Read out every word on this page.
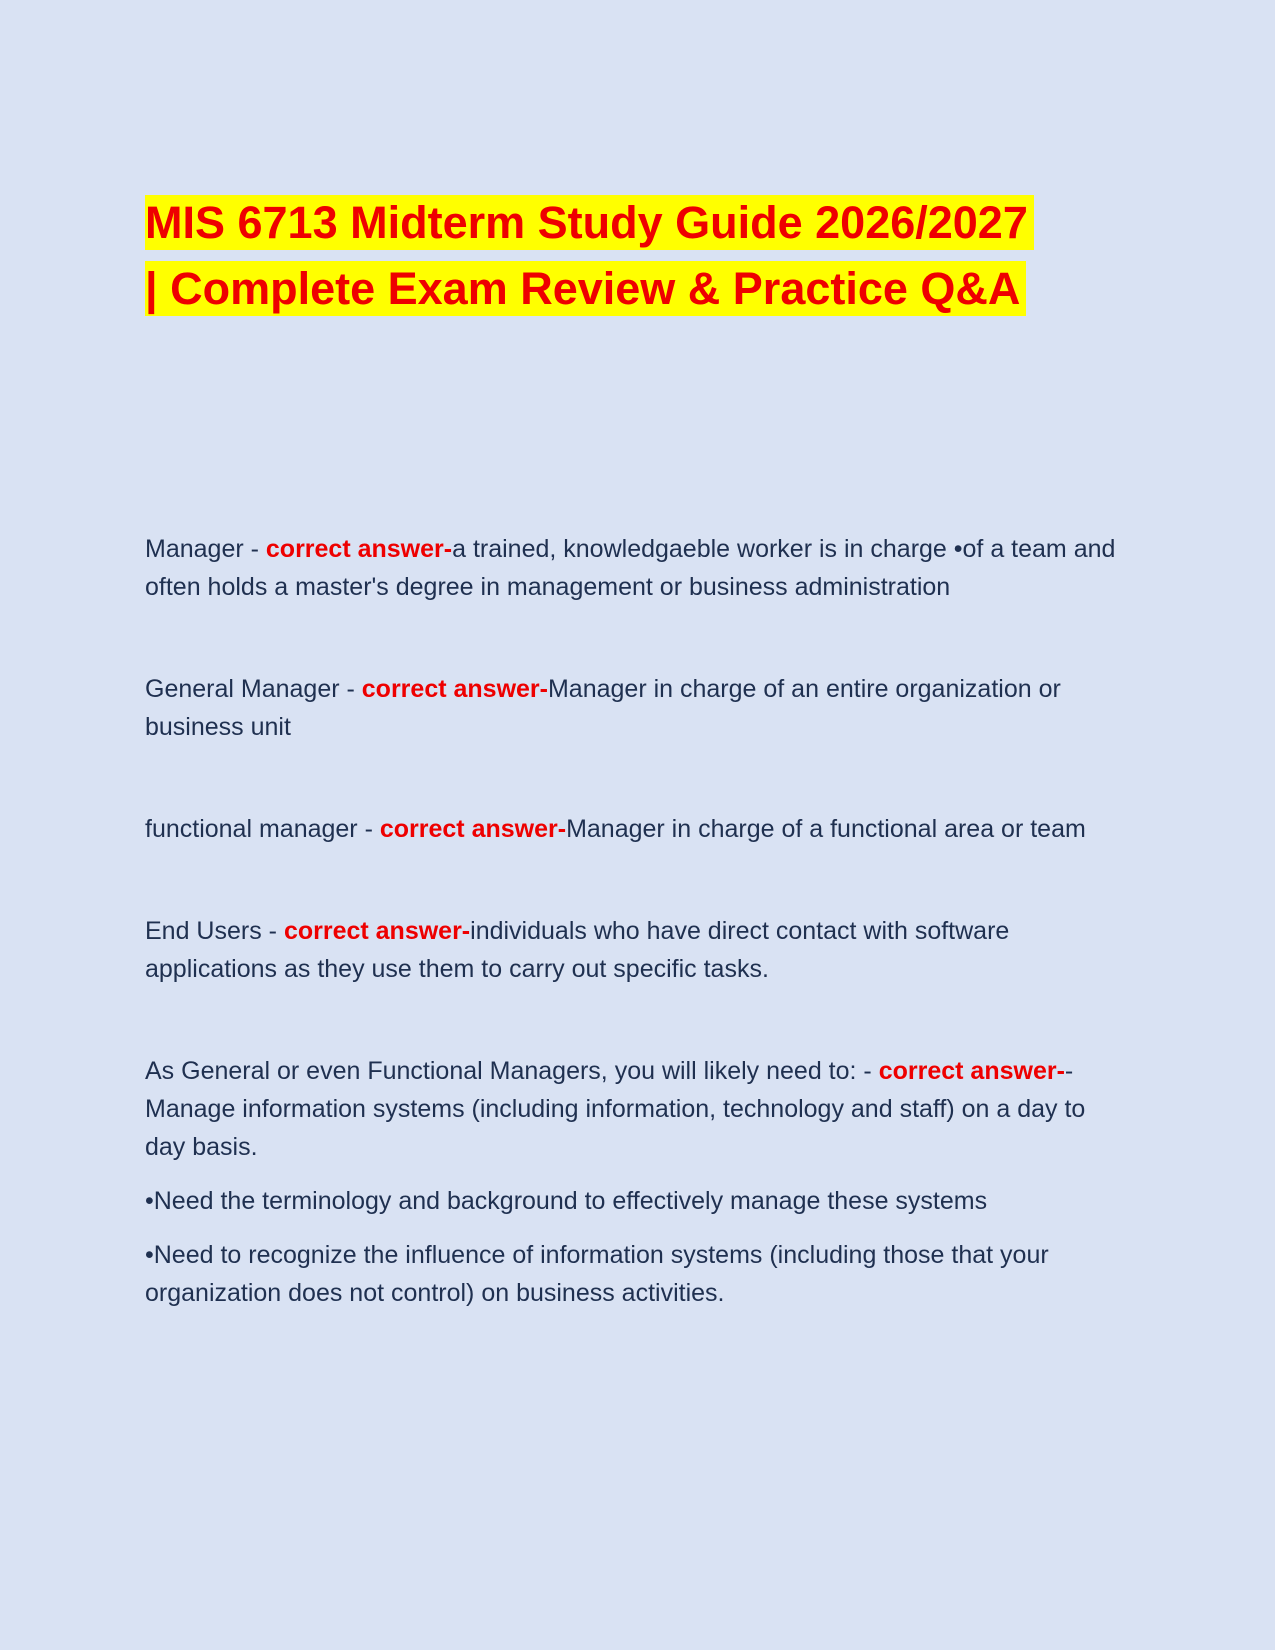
MIS 6713 Midterm Study Guide 2026/2027
| Complete Exam Review & Practice Q&A

Manager - correct answer-a trained, knowledgaeble worker is in charge •of a team and often holds a master's degree in management or business administration

General Manager - correct answer-Manager in charge of an entire organization or business unit

functional manager - correct answer-Manager in charge of a functional area or team

End Users - correct answer-individuals who have direct contact with software applications as they use them to carry out specific tasks.

As General or even Functional Managers, you will likely need to: - correct answer--Manage information systems (including information, technology and staff) on a day to day basis.

•Need the terminology and background to effectively manage these systems

•Need to recognize the influence of information systems (including those that your organization does not control) on business activities.
